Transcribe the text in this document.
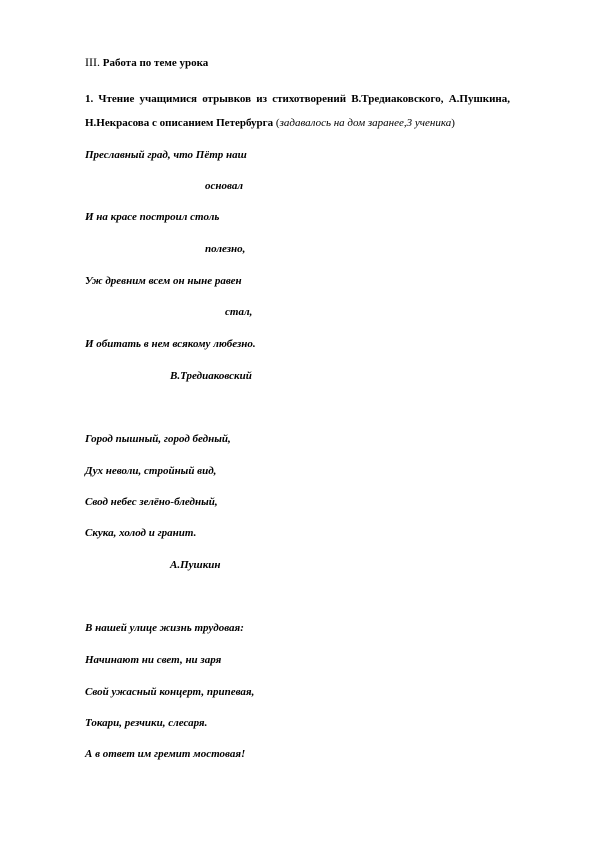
III. Работа по теме урока
1. Чтение учащимися отрывков из стихотворений В.Тредиаковского, А.Пушкина,
Н.Некрасова с описанием Петербурга (задавалось на дом заранее,3 ученика)
Преславный град, что Пётр наш
основал
И на красе построил столь
полезно,
Уж древним всем он ныне равен
стал,
И обитать в нем всякому любезно.
В.Тредиаковский
Город пышный, город бедный,
Дух неволи, стройный вид,
Свод небес зелёно-бледный,
Скука, холод и гранит.
А.Пушкин
В нашей улице жизнь трудовая:
Начинают ни свет, ни заря
Свой ужасный концерт, припевая,
Токари, резчики, слесаря.
А в ответ им гремит мостовая!
